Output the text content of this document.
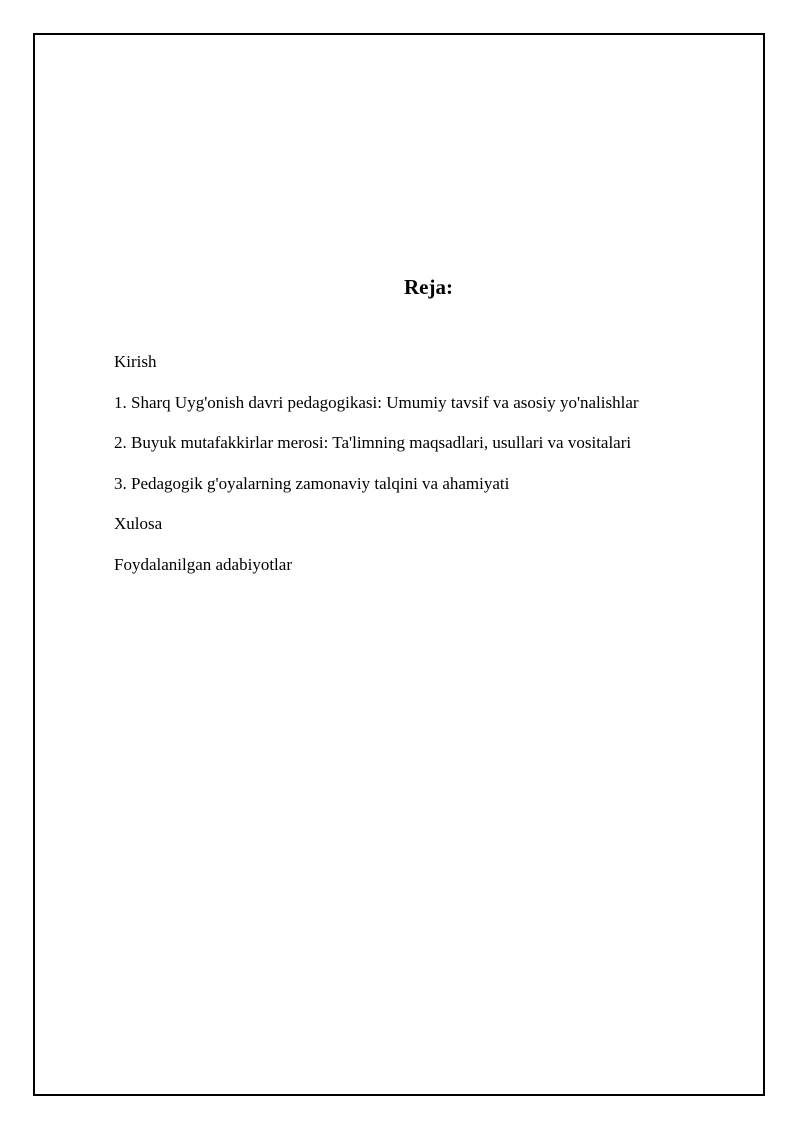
Reja:
Kirish
1. Sharq Uyg'onish davri pedagogikasi: Umumiy tavsif va asosiy yo'nalishlar
2. Buyuk mutafakkirlar merosi: Ta'limning maqsadlari, usullari va vositalari
3. Pedagogik g'oyalarning zamonaviy talqini va ahamiyati
Xulosa
Foydalanilgan adabiyotlar
